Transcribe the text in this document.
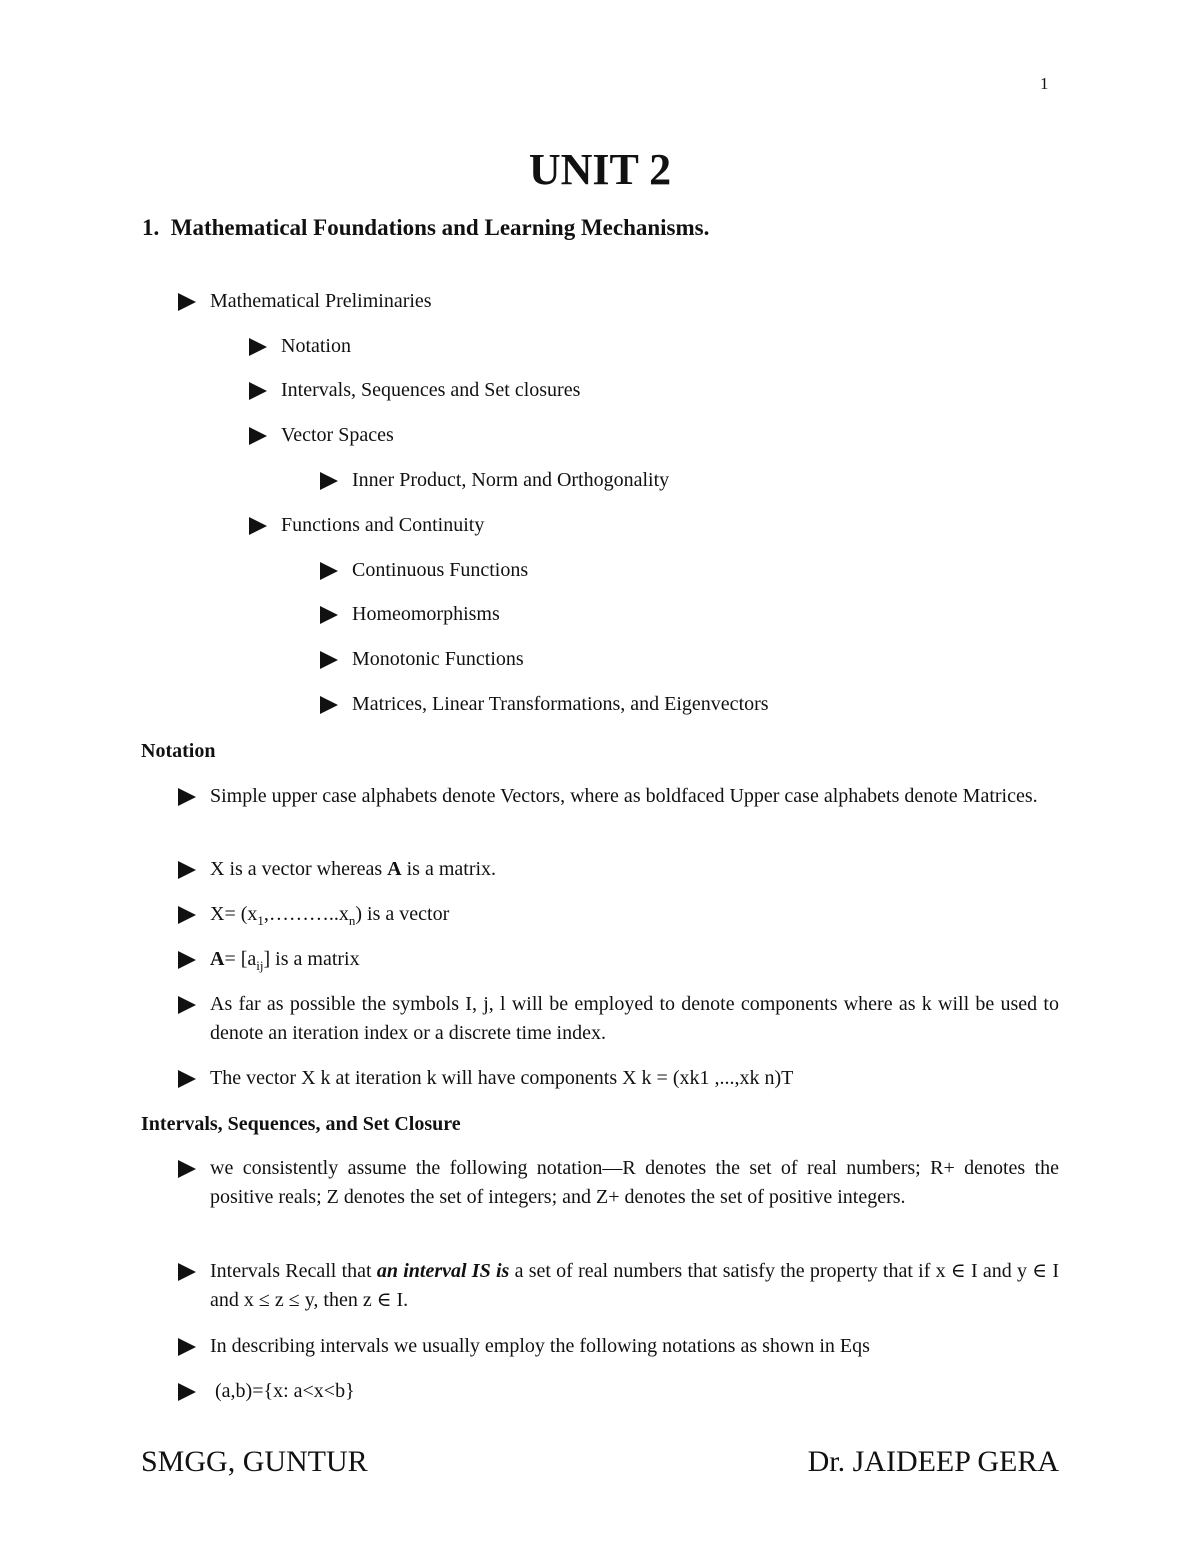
1
UNIT 2
1. Mathematical Foundations and Learning Mechanisms.
Mathematical Preliminaries
Notation
Intervals, Sequences and Set closures
Vector Spaces
Inner Product, Norm and Orthogonality
Functions and Continuity
Continuous Functions
Homeomorphisms
Monotonic Functions
Matrices, Linear Transformations, and Eigenvectors
Notation
Simple upper case alphabets denote Vectors, where as boldfaced Upper case alphabets denote Matrices.
X is a vector whereas A is a matrix.
$X= (x_1,\dots\dots\dots..x_n)$ is a vector
$A= [a_{ij}]$ is a matrix
As far as possible the symbols I, j, l will be employed to denote components where as k will be used to denote an iteration index or a discrete time index.
The vector X k at iteration k will have components X k = (xk1 ,...,xk n)T
Intervals, Sequences, and Set Closure
we consistently assume the following notation—R denotes the set of real numbers; R+ denotes the positive reals; Z denotes the set of integers; and Z+ denotes the set of positive integers.
Intervals Recall that an interval IS is a set of real numbers that satisfy the property that if x ∈ I and y ∈ I and x ≤ z ≤ y, then z ∈ I.
In describing intervals we usually employ the following notations as shown in Eqs
(a,b)={x: a<x<b}
SMGG, GUNTUR	Dr. JAIDEEP GERA
